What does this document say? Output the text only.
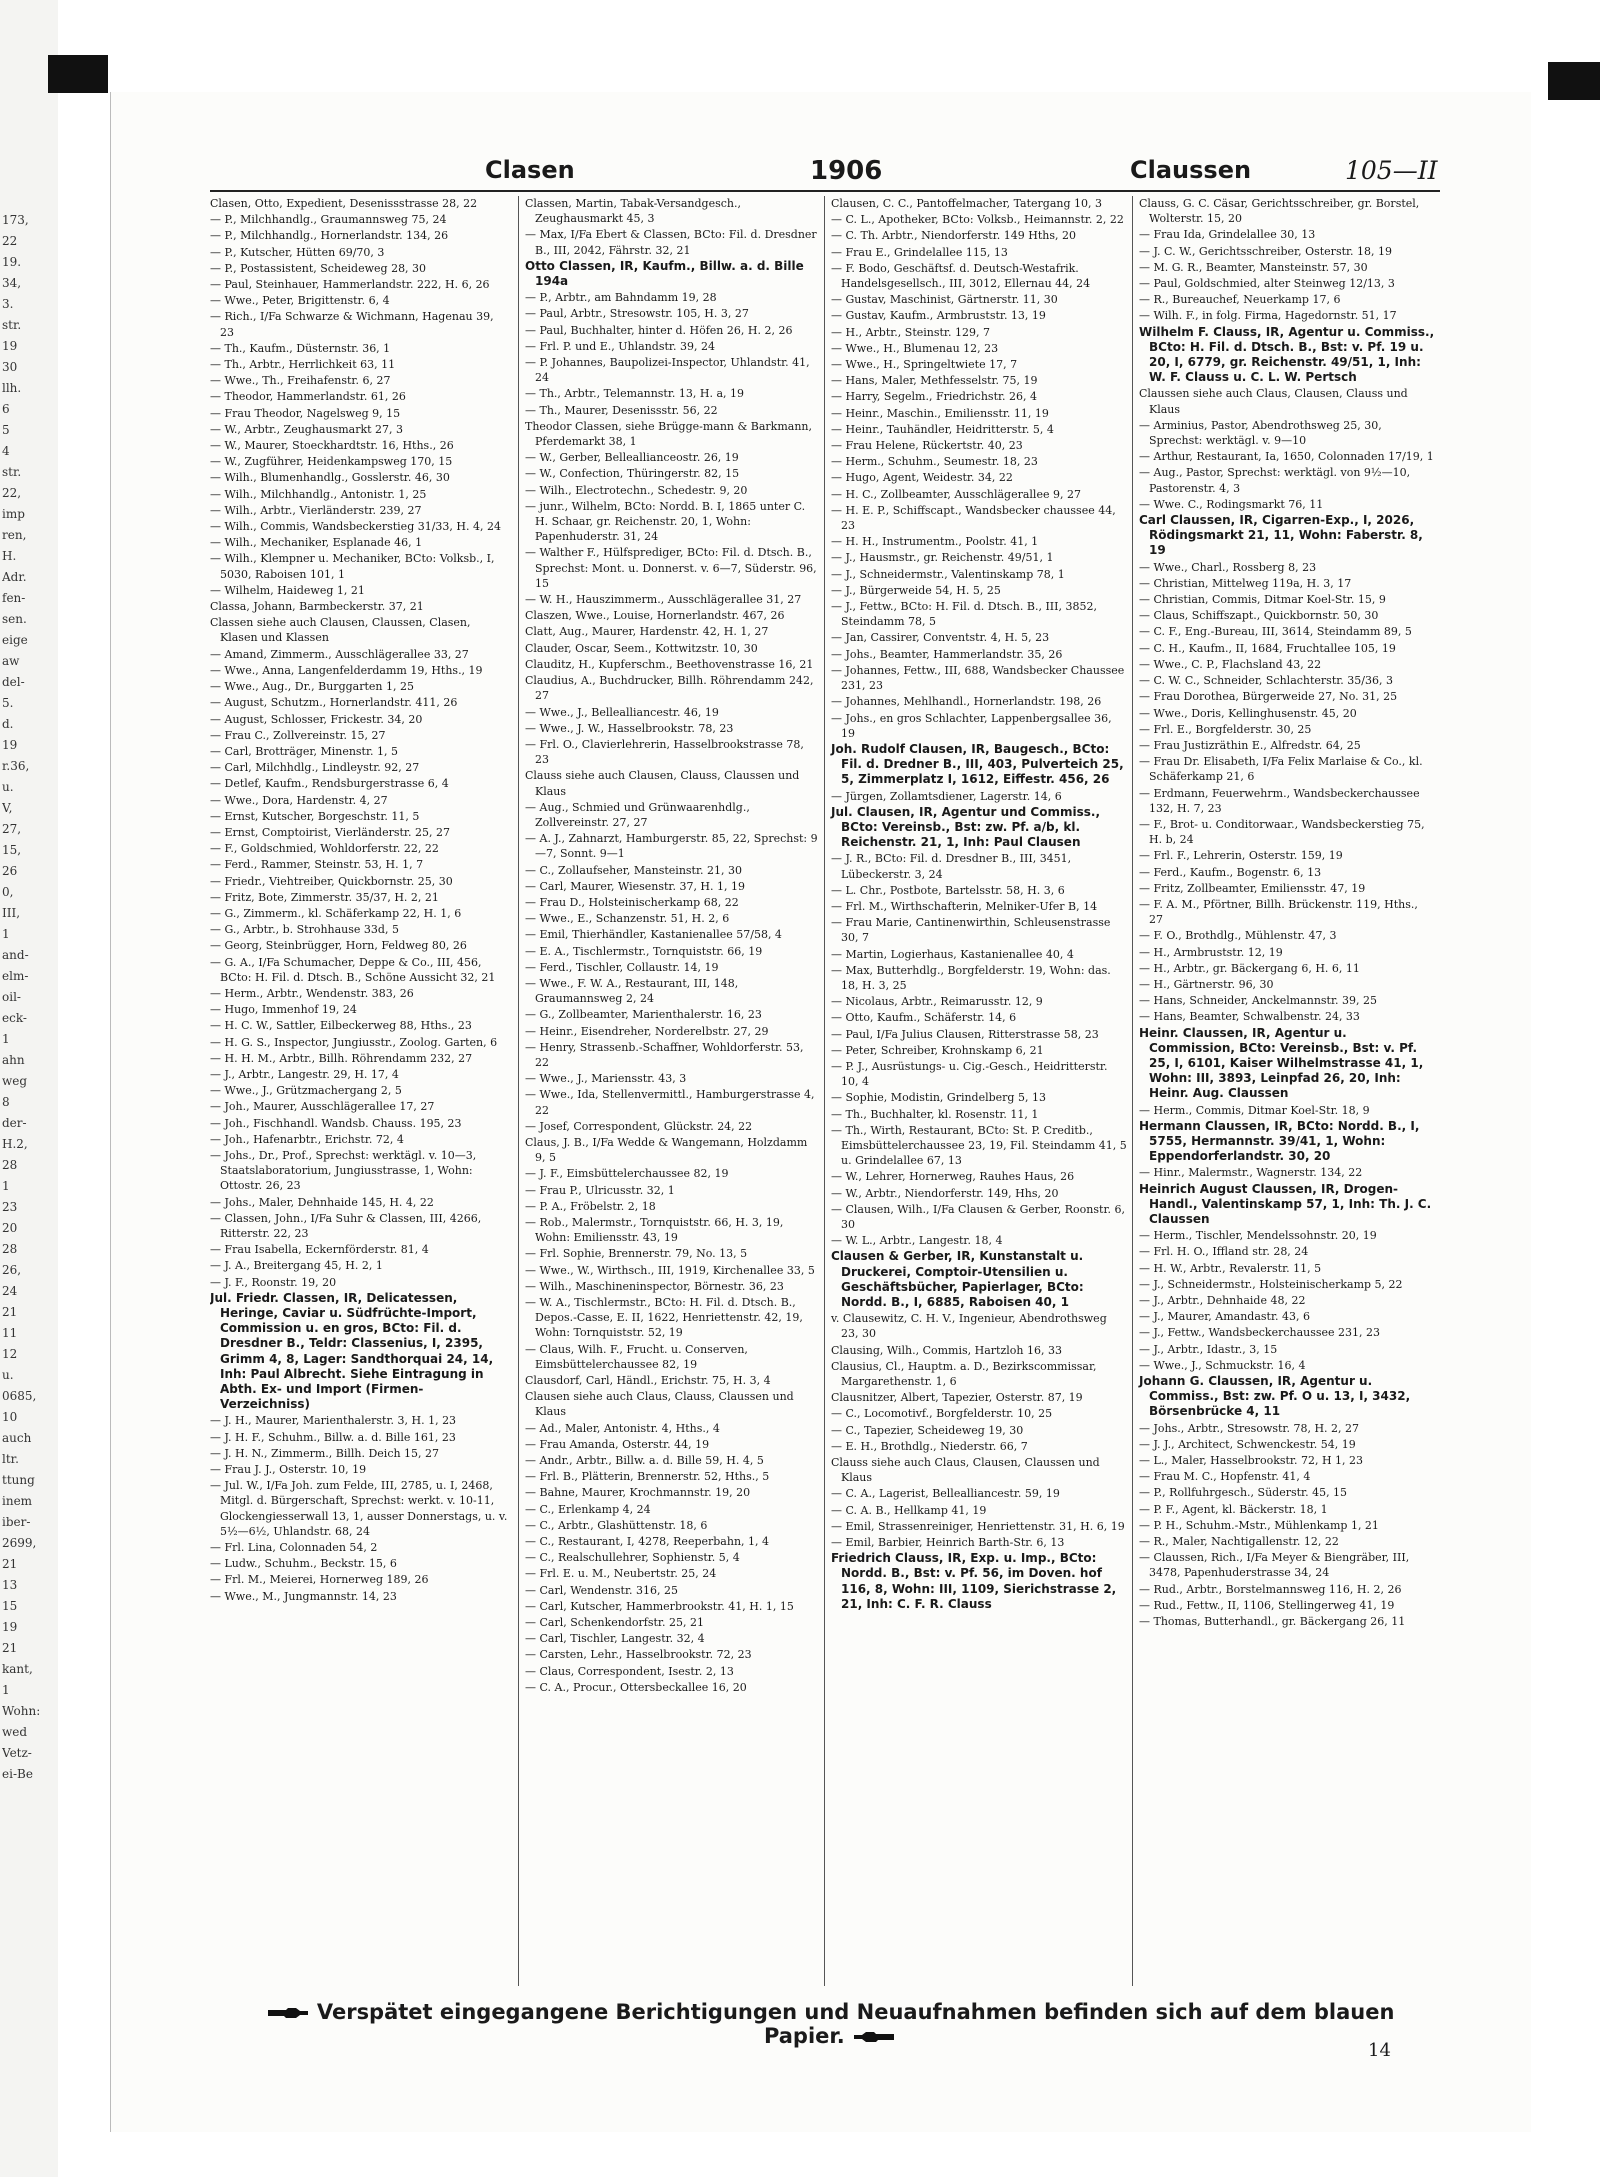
173,
22
19.
34,
3.
str.
19
30
llh.
6
5
4
str.
22,
imp
ren,
H.
Adr.
fen-
sen.
eige
aw
del-
5.
d.
19
r.36,
u.
V,
27,
15,
26
0,
III,
1
and-
elm-
oil-
eck-
1
ahn
weg
8
der-
H.2,
28
1
23
20
28
26,
24
21
11
12
u.
0685,
10
auch
ltr.
ttung
inem
iber-
2699,
21
13
15
19
21
kant,
1
Wohn:
wed
Vetz-
ei-Be
Clasen	1906	Claussen	105—II
Clasen, Otto, Expedient, Desenissstrasse 28, 22
— P., Milchhandlg., Graumannsweg 75, 24
— P., Milchhandlg., Hornerlandstr. 134, 26
— P., Kutscher, Hütten 69/70, 3
— P., Postassistent, Scheideweg 28, 30
— Paul, Steinhauer, Hammerlandstr. 222, H. 6, 26
— Wwe., Peter, Brigittenstr. 6, 4
— Rich., I/Fa Schwarze & Wichmann, Hagenau 39, 23
— Th., Kaufm., Düsternstr. 36, 1
— Th., Arbtr., Herrlichkeit 63, 11
— Wwe., Th., Freihafenstr. 6, 27
— Theodor, Hammerlandstr. 61, 26
— Frau Theodor, Nagelsweg 9, 15
— W., Arbtr., Zeughausmarkt 27, 3
— W., Maurer, Stoeckhardtstr. 16, Hths., 26
— W., Zugführer, Heidenkampsweg 170, 15
— Wilh., Blumenhandlg., Gosslerstr. 46, 30
— Wilh., Milchhandlg., Antonistr. 1, 25
— Wilh., Arbtr., Vierländerstr. 239, 27
— Wilh., Commis, Wandsbeckerstieg 31/33, H. 4, 24
— Wilh., Mechaniker, Esplanade 46, 1
— Wilh., Klempner u. Mechaniker, BCto: Volksb., I, 5030, Raboisen 101, 1
— Wilhelm, Haideweg 1, 21
Classa, Johann, Barmbeckerstr. 37, 21
Classen siehe auch Clausen, Claussen, Clasen, Klasen und Klassen
— Amand, Zimmerm., Ausschlägerallee 33, 27
— Wwe., Anna, Langenfelderdamm 19, Hths., 19
— Wwe., Aug., Dr., Burggarten 1, 25
— August, Schutzm., Hornerlandstr. 411, 26
— August, Schlosser, Frickestr. 34, 20
— Frau C., Zollvereinstr. 15, 27
— Carl, Brotträger, Minenstr. 1, 5
— Carl, Milchhdlg., Lindleystr. 92, 27
— Detlef, Kaufm., Rendsburgerstrasse 6, 4
— Wwe., Dora, Hardenstr. 4, 27
— Ernst, Kutscher, Borgeschstr. 11, 5
— Ernst, Comptoirist, Vierländerstr. 25, 27
— F., Goldschmied, Wohldorferstr. 22, 22
— Ferd., Rammer, Steinstr. 53, H. 1, 7
— Friedr., Viehtreiber, Quickbornstr. 25, 30
— Fritz, Bote, Zimmerstr. 35/37, H. 2, 21
— G., Zimmerm., kl. Schäferkamp 22, H. 1, 6
— G., Arbtr., b. Strohhause 33d, 5
— Georg, Steinbrügger, Horn, Feldweg 80, 26
— G. A., I/Fa Schumacher, Deppe & Co., III, 456, BCto: H. Fil. d. Dtsch. B., Schöne Aussicht 32, 21
— Herm., Arbtr., Wendenstr. 383, 26
— Hugo, Immenhof 19, 24
— H. C. W., Sattler, Eilbeckerweg 88, Hths., 23
— H. G. S., Inspector, Jungiusstr., Zoolog. Garten, 6
— H. H. M., Arbtr., Billh. Röhrendamm 232, 27
— J., Arbtr., Langestr. 29, H. 17, 4
— Wwe., J., Grützmachergang 2, 5
— Joh., Maurer, Ausschlägerallee 17, 27
— Joh., Fischhandl. Wandsb. Chauss. 195, 23
— Joh., Hafenarbtr., Erichstr. 72, 4
— Johs., Dr., Prof., Sprechst: werktägl. v. 10—3, Staatslaboratorium, Jungiusstrasse, 1, Wohn: Ottostr. 26, 23
— Johs., Maler, Dehnhaide 145, H. 4, 22
— Classen, John., I/Fa Suhr & Classen, III, 4266, Ritterstr. 22, 23
— Frau Isabella, Eckernförderstr. 81, 4
— J. A., Breitergang 45, H. 2, 1
— J. F., Roonstr. 19, 20
Jul. Friedr. Classen, IR, Delicatessen, Heringe, Caviar u. Südfrüchte-Import, Commission u. en gros, BCto: Fil. d. Dresdner B., Teldr: Classenius, I, 2395, Grimm 4, 8, Lager: Sandthorquai 24, 14, Inh: Paul Albrecht. Siehe Eintragung in Abth. Ex- und Import (Firmen-Verzeichniss)
— J. H., Maurer, Marienthalerstr. 3, H. 1, 23
— J. H. F., Schuhm., Billw. a. d. Bille 161, 23
— J. H. N., Zimmerm., Billh. Deich 15, 27
— Frau J. J., Osterstr. 10, 19
— Jul. W., I/Fa Joh. zum Felde, III, 2785, u. I, 2468, Mitgl. d. Bürgerschaft, Sprechst: werkt. v. 10-11, Glockengiesserwall 13, 1, ausser Donnerstags, u. v. 5½—6½, Uhlandstr. 68, 24
— Frl. Lina, Colonnaden 54, 2
— Ludw., Schuhm., Beckstr. 15, 6
— Frl. M., Meierei, Hornerweg 189, 26
— Wwe., M., Jungmannstr. 14, 23
Classen, Martin, Tabak-Versandgesch., Zeughausmarkt 45, 3
— Max, I/Fa Ebert & Classen, BCto: Fil. d. Dresdner B., III, 2042, Fährstr. 32, 21
Otto Classen, IR, Kaufm., Billw. a. d. Bille 194a
— P., Arbtr., am Bahndamm 19, 28
— Paul, Arbtr., Stresowstr. 105, H. 3, 27
— Paul, Buchhalter, hinter d. Höfen 26, H. 2, 26
— Frl. P. und E., Uhlandstr. 39, 24
— P. Johannes, Baupolizei-Inspector, Uhlandstr. 41, 24
— Th., Arbtr., Telemannstr. 13, H. a, 19
— Th., Maurer, Desenissstr. 56, 22
Theodor Classen, siehe Brügge-mann & Barkmann, Pferdemarkt 38, 1
— W., Gerber, Belleallianceostr. 26, 19
— W., Confection, Thüringerstr. 82, 15
— Wilh., Electrotechn., Schedestr. 9, 20
— junr., Wilhelm, BCto: Nordd. B. I, 1865 unter C. H. Schaar, gr. Reichenstr. 20, 1, Wohn: Papenhuderstr. 31, 24
— Walther F., Hülfsprediger, BCto: Fil. d. Dtsch. B., Sprechst: Mont. u. Donnerst. v. 6—7, Süderstr. 96, 15
— W. H., Hauszimmerm., Ausschlägerallee 31, 27
Claszen, Wwe., Louise, Hornerlandstr. 467, 26
Clatt, Aug., Maurer, Hardenstr. 42, H. 1, 27
Clauder, Oscar, Seem., Kottwitzstr. 10, 30
Clauditz, H., Kupferschm., Beethovenstrasse 16, 21
Claudius, A., Buchdrucker, Billh. Röhrendamm 242, 27
— Wwe., J., Bellealliancestr. 46, 19
— Wwe., J. W., Hasselbrookstr. 78, 23
— Frl. O., Clavierlehrerin, Hasselbrookstrasse 78, 23
Clauss siehe auch Clausen, Clauss, Claussen und Klaus
— Aug., Schmied und Grünwaarenhdlg., Zollvereinstr. 27, 27
— A. J., Zahnarzt, Hamburgerstr. 85, 22, Sprechst: 9—7, Sonnt. 9—1
— C., Zollaufseher, Mansteinstr. 21, 30
— Carl, Maurer, Wiesenstr. 37, H. 1, 19
— Frau D., Holsteinischerkamp 68, 22
— Wwe., E., Schanzenstr. 51, H. 2, 6
— Emil, Thierhändler, Kastanienallee 57/58, 4
— E. A., Tischlermstr., Tornquiststr. 66, 19
— Ferd., Tischler, Collaustr. 14, 19
— Wwe., F. W. A., Restaurant, III, 148, Graumannsweg 2, 24
— G., Zollbeamter, Marienthalerstr. 16, 23
— Heinr., Eisendreher, Norderelbstr. 27, 29
— Henry, Strassenb.-Schaffner, Wohldorferstr. 53, 22
— Wwe., J., Mariensstr. 43, 3
— Wwe., Ida, Stellenvermittl., Hamburgerstrasse 4, 22
— Josef, Correspondent, Glückstr. 24, 22
Claus, J. B., I/Fa Wedde & Wangemann, Holzdamm 9, 5
— J. F., Eimsbüttelerchaussee 82, 19
— Frau P., Ulricusstr. 32, 1
— P. A., Fröbelstr. 2, 18
— Rob., Malermstr., Tornquiststr. 66, H. 3, 19, Wohn: Emiliensstr. 43, 19
— Frl. Sophie, Brennerstr. 79, No. 13, 5
— Wwe., W., Wirthsch., III, 1919, Kirchenallee 33, 5
— Wilh., Maschineninspector, Börnestr. 36, 23
— W. A., Tischlermstr., BCto: H. Fil. d. Dtsch. B., Depos.-Casse, E. II, 1622, Henriettenstr. 42, 19, Wohn: Tornquiststr. 52, 19
— Claus, Wilh. F., Frucht. u. Conserven, Eimsbüttelerchaussee 82, 19
Clausdorf, Carl, Händl., Erichstr. 75, H. 3, 4
Clausen siehe auch Claus, Clauss, Claussen und Klaus
— Ad., Maler, Antonistr. 4, Hths., 4
— Frau Amanda, Osterstr. 44, 19
— Andr., Arbtr., Billw. a. d. Bille 59, H. 4, 5
— Frl. B., Plätterin, Brennerstr. 52, Hths., 5
— Bahne, Maurer, Krochmannstr. 19, 20
— C., Erlenkamp 4, 24
— C., Arbtr., Glashüttenstr. 18, 6
— C., Restaurant, I, 4278, Reeperbahn, 1, 4
— C., Realschullehrer, Sophienstr. 5, 4
— Frl. E. u. M., Neubertstr. 25, 24
— Carl, Wendenstr. 316, 25
— Carl, Kutscher, Hammerbrookstr. 41, H. 1, 15
— Carl, Schenkendorfstr. 25, 21
— Carl, Tischler, Langestr. 32, 4
— Carsten, Lehr., Hasselbrookstr. 72, 23
— Claus, Correspondent, Isestr. 2, 13
— C. A., Procur., Ottersbeckallee 16, 20
Clausen, C. C., Pantoffelmacher, Tatergang 10, 3
— C. L., Apotheker, BCto: Volksb., Heimannstr. 2, 22
— C. Th. Arbtr., Niendorferstr. 149 Hths, 20
— Frau E., Grindelallee 115, 13
— F. Bodo, Geschäftsf. d. Deutsch-Westafrik. Handelsgesellsch., III, 3012, Ellernau 44, 24
— Gustav, Maschinist, Gärtnerstr. 11, 30
— Gustav, Kaufm., Armbruststr. 13, 19
— H., Arbtr., Steinstr. 129, 7
— Wwe., H., Blumenau 12, 23
— Wwe., H., Springeltwiete 17, 7
— Hans, Maler, Methfesselstr. 75, 19
— Harry, Segelm., Friedrichstr. 26, 4
— Heinr., Maschin., Emiliensstr. 11, 19
— Heinr., Tauhändler, Heidritterstr. 5, 4
— Frau Helene, Rückertstr. 40, 23
— Herm., Schuhm., Seumestr. 18, 23
— Hugo, Agent, Weidestr. 34, 22
— H. C., Zollbeamter, Ausschlägerallee 9, 27
— H. E. P., Schiffscapt., Wandsbecker chaussee 44, 23
— H. H., Instrumentm., Poolstr. 41, 1
— J., Hausmstr., gr. Reichenstr. 49/51, 1
— J., Schneidermstr., Valentinskamp 78, 1
— J., Bürgerweide 54, H. 5, 25
— J., Fettw., BCto: H. Fil. d. Dtsch. B., III, 3852, Steindamm 78, 5
— Jan, Cassirer, Conventstr. 4, H. 5, 23
— Johs., Beamter, Hammerlandstr. 35, 26
— Johannes, Fettw., III, 688, Wandsbecker Chaussee 231, 23
— Johannes, Mehlhandl., Hornerlandstr. 198, 26
— Johs., en gros Schlachter, Lappenbergsallee 36, 19
Joh. Rudolf Clausen, IR, Baugesch., BCto: Fil. d. Dredner B., III, 403, Pulverteich 25, 5, Zimmerplatz I, 1612, Eiffestr. 456, 26
— Jürgen, Zollamtsdiener, Lagerstr. 14, 6
Jul. Clausen, IR, Agentur und Commiss., BCto: Vereinsb., Bst: zw. Pf. a/b, kl. Reichenstr. 21, 1, Inh: Paul Clausen
— J. R., BCto: Fil. d. Dresdner B., III, 3451, Lübeckerstr. 3, 24
— L. Chr., Postbote, Bartelsstr. 58, H. 3, 6
— Frl. M., Wirthschafterin, Melniker-Ufer B, 14
— Frau Marie, Cantinenwirthin, Schleusenstrasse 30, 7
— Martin, Logierhaus, Kastanienallee 40, 4
— Max, Butterhdlg., Borgfelderstr. 19, Wohn: das. 18, H. 3, 25
— Nicolaus, Arbtr., Reimarusstr. 12, 9
— Otto, Kaufm., Schäferstr. 14, 6
— Paul, I/Fa Julius Clausen, Ritterstrasse 58, 23
— Peter, Schreiber, Krohnskamp 6, 21
— P. J., Ausrüstungs- u. Cig.-Gesch., Heidritterstr. 10, 4
— Sophie, Modistin, Grindelberg 5, 13
— Th., Buchhalter, kl. Rosenstr. 11, 1
— Th., Wirth, Restaurant, BCto: St. P. Creditb., Eimsbüttelerchaussee 23, 19, Fil. Steindamm 41, 5 u. Grindelallee 67, 13
— W., Lehrer, Hornerweg, Rauhes Haus, 26
— W., Arbtr., Niendorferstr. 149, Hhs, 20
— Clausen, Wilh., I/Fa Clausen & Gerber, Roonstr. 6, 30
— W. L., Arbtr., Langestr. 18, 4
Clausen & Gerber, IR, Kunstanstalt u. Druckerei, Comptoir-Utensilien u. Geschäftsbücher, Papierlager, BCto: Nordd. B., I, 6885, Raboisen 40, 1
v. Clausewitz, C. H. V., Ingenieur, Abendrothsweg 23, 30
Clausing, Wilh., Commis, Hartzloh 16, 33
Clausius, Cl., Hauptm. a. D., Bezirkscommissar, Margarethenstr. 1, 6
Clausnitzer, Albert, Tapezier, Osterstr. 87, 19
— C., Locomotivf., Borgfelderstr. 10, 25
— C., Tapezier, Scheideweg 19, 30
— E. H., Brothdlg., Niederstr. 66, 7
Clauss siehe auch Claus, Clausen, Claussen und Klaus
— C. A., Lagerist, Bellealliancestr. 59, 19
— C. A. B., Hellkamp 41, 19
— Emil, Strassenreiniger, Henriettenstr. 31, H. 6, 19
— Emil, Barbier, Heinrich Barth-Str. 6, 13
Friedrich Clauss, IR, Exp. u. Imp., BCto: Nordd. B., Bst: v. Pf. 56, im Doven. hof 116, 8, Wohn: III, 1109, Sierichstrasse 2, 21, Inh: C. F. R. Clauss
Clauss, G. C. Cäsar, Gerichtsschreiber, gr. Borstel, Wolterstr. 15, 20
— Frau Ida, Grindelallee 30, 13
— J. C. W., Gerichtsschreiber, Osterstr. 18, 19
— M. G. R., Beamter, Mansteinstr. 57, 30
— Paul, Goldschmied, alter Steinweg 12/13, 3
— R., Bureauchef, Neuerkamp 17, 6
— Wilh. F., in folg. Firma, Hagedornstr. 51, 17
Wilhelm F. Clauss, IR, Agentur u. Commiss., BCto: H. Fil. d. Dtsch. B., Bst: v. Pf. 19 u. 20, I, 6779, gr. Reichenstr. 49/51, 1, Inh: W. F. Clauss u. C. L. W. Pertsch
Claussen siehe auch Claus, Clausen, Clauss und Klaus
— Arminius, Pastor, Abendrothsweg 25, 30, Sprechst: werktägl. v. 9—10
— Arthur, Restaurant, Ia, 1650, Colonnaden 17/19, 1
— Aug., Pastor, Sprechst: werktägl. von 9½—10, Pastorenstr. 4, 3
— Wwe. C., Rodingsmarkt 76, 11
Carl Claussen, IR, Cigarren-Exp., I, 2026, Rödingsmarkt 21, 11, Wohn: Faberstr. 8, 19
— Wwe., Charl., Rossberg 8, 23
— Christian, Mittelweg 119a, H. 3, 17
— Christian, Commis, Ditmar Koel-Str. 15, 9
— Claus, Schiffszapt., Quickbornstr. 50, 30
— C. F., Eng.-Bureau, III, 3614, Steindamm 89, 5
— C. H., Kaufm., II, 1684, Fruchtallee 105, 19
— Wwe., C. P., Flachsland 43, 22
— C. W. C., Schneider, Schlachterstr. 35/36, 3
— Frau Dorothea, Bürgerweide 27, No. 31, 25
— Wwe., Doris, Kellinghusenstr. 45, 20
— Frl. E., Borgfelderstr. 30, 25
— Frau Justizräthin E., Alfredstr. 64, 25
— Frau Dr. Elisabeth, I/Fa Felix Marlaise & Co., kl. Schäferkamp 21, 6
— Erdmann, Feuerwehrm., Wandsbeckerchaussee 132, H. 7, 23
— F., Brot- u. Conditorwaar., Wandsbeckerstieg 75, H. b, 24
— Frl. F., Lehrerin, Osterstr. 159, 19
— Ferd., Kaufm., Bogenstr. 6, 13
— Fritz, Zollbeamter, Emiliensstr. 47, 19
— F. A. M., Pförtner, Billh. Brückenstr. 119, Hths., 27
— F. O., Brothdlg., Mühlenstr. 47, 3
— H., Armbruststr. 12, 19
— H., Arbtr., gr. Bäckergang 6, H. 6, 11
— H., Gärtnerstr. 96, 30
— Hans, Schneider, Anckelmannstr. 39, 25
— Hans, Beamter, Schwalbenstr. 24, 33
Heinr. Claussen, IR, Agentur u. Commission, BCto: Vereinsb., Bst: v. Pf. 25, I, 6101, Kaiser Wilhelmstrasse 41, 1, Wohn: III, 3893, Leinpfad 26, 20, Inh: Heinr. Aug. Claussen
— Herm., Commis, Ditmar Koel-Str. 18, 9
Hermann Claussen, IR, BCto: Nordd. B., I, 5755, Hermannstr. 39/41, 1, Wohn: Eppendorferlandstr. 30, 20
— Hinr., Malermstr., Wagnerstr. 134, 22
Heinrich August Claussen, IR, Drogen-Handl., Valentinskamp 57, 1, Inh: Th. J. C. Claussen
— Herm., Tischler, Mendelssohnstr. 20, 19
— Frl. H. O., Iffland str. 28, 24
— H. W., Arbtr., Revalerstr. 11, 5
— J., Schneidermstr., Holsteinischerkamp 5, 22
— J., Arbtr., Dehnhaide 48, 22
— J., Maurer, Amandastr. 43, 6
— J., Fettw., Wandsbeckerchaussee 231, 23
— J., Arbtr., Idastr., 3, 15
— Wwe., J., Schmuckstr. 16, 4
Johann G. Claussen, IR, Agentur u. Commiss., Bst: zw. Pf. O u. 13, I, 3432, Börsenbrücke 4, 11
— Johs., Arbtr., Stresowstr. 78, H. 2, 27
— J. J., Architect, Schwenckestr. 54, 19
— L., Maler, Hasselbrookstr. 72, H 1, 23
— Frau M. C., Hopfenstr. 41, 4
— P., Rollfuhrgesch., Süderstr. 45, 15
— P. F., Agent, kl. Bäckerstr. 18, 1
— P. H., Schuhm.-Mstr., Mühlenkamp 1, 21
— R., Maler, Nachtigallenstr. 12, 22
— Claussen, Rich., I/Fa Meyer & Biengräber, III, 3478, Papenhuderstrasse 34, 24
— Rud., Arbtr., Borstelmannsweg 116, H. 2, 26
— Rud., Fettw., II, 1106, Stellingerweg 41, 19
— Thomas, Butterhandl., gr. Bäckergang 26, 11
Verspätet eingegangene Berichtigungen und Neuaufnahmen befinden sich auf dem blauen Papier.
14
